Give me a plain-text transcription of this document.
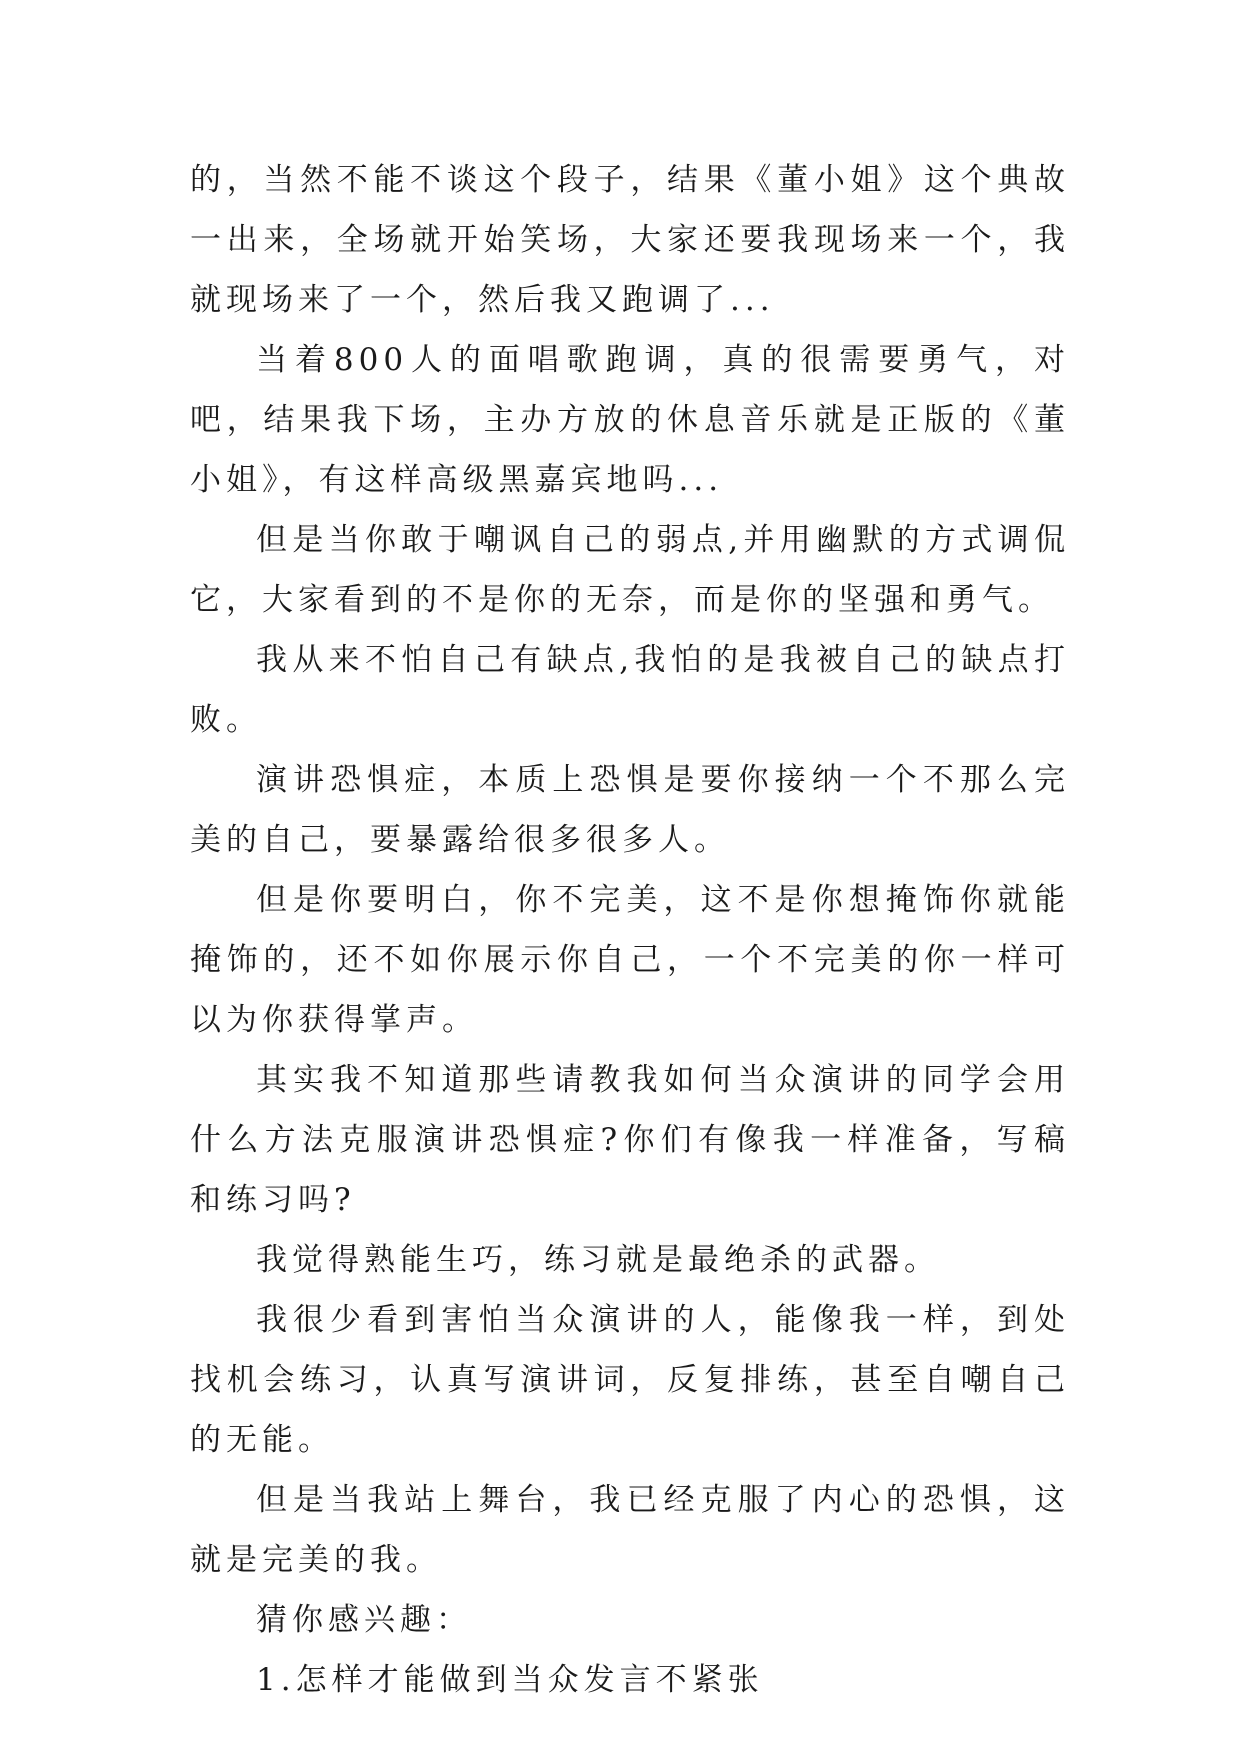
的，当然不能不谈这个段子，结果《董小姐》这个典故一出来，全场就开始笑场，大家还要我现场来一个，我就现场来了一个，然后我又跑调了...

当着800人的面唱歌跑调，真的很需要勇气，对吧，结果我下场，主办方放的休息音乐就是正版的《董小姐》，有这样高级黑嘉宾地吗...

但是当你敢于嘲讽自己的弱点,并用幽默的方式调侃它，大家看到的不是你的无奈，而是你的坚强和勇气。

我从来不怕自己有缺点,我怕的是我被自己的缺点打败。

演讲恐惧症，本质上恐惧是要你接纳一个不那么完美的自己，要暴露给很多很多人。

但是你要明白，你不完美，这不是你想掩饰你就能掩饰的，还不如你展示你自己，一个不完美的你一样可以为你获得掌声。

其实我不知道那些请教我如何当众演讲的同学会用什么方法克服演讲恐惧症?你们有像我一样准备，写稿和练习吗?

我觉得熟能生巧，练习就是最绝杀的武器。

我很少看到害怕当众演讲的人，能像我一样，到处找机会练习，认真写演讲词，反复排练，甚至自嘲自己的无能。

但是当我站上舞台，我已经克服了内心的恐惧，这就是完美的我。

猜你感兴趣：

1.怎样才能做到当众发言不紧张
